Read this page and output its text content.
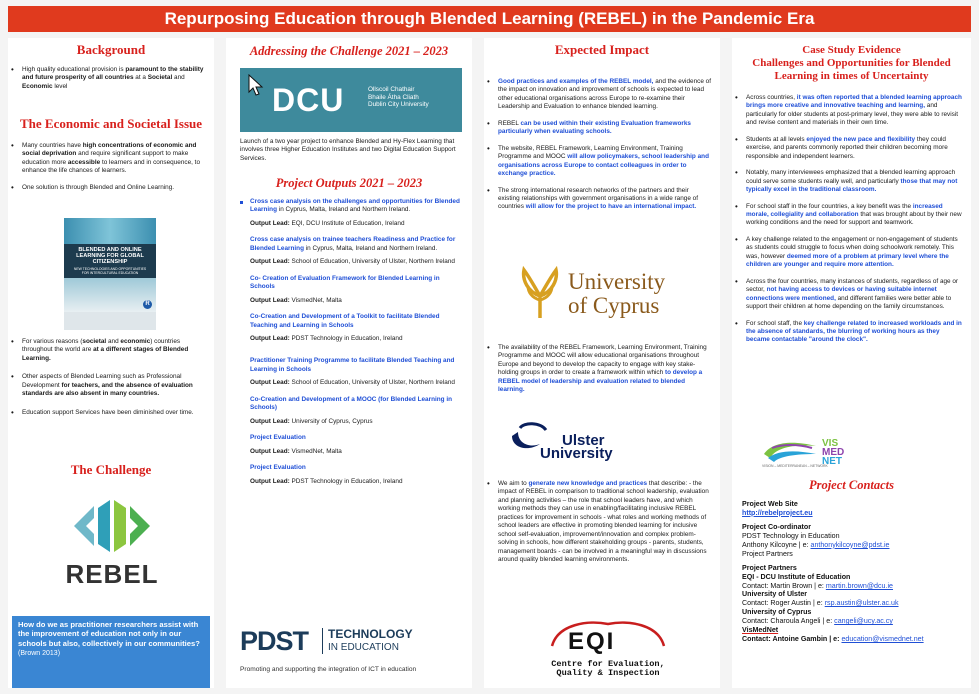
Repurposing Education through Blended Learning (REBEL) in the Pandemic Era

Background

• High quality educational provision is paramount to the stability and future prosperity of all countries at a Societal and Economic level

The Economic and Societal Issue

• Many countries have high concentrations of economic and social deprivation and require significant support to make education more accessible to learners and in consequence, to enhance the life chances of learners.

• One solution is through Blended and Online Learning.

BLENDED AND ONLINE
LEARNING FOR GLOBAL
CITIZENSHIP
NEW TECHNOLOGIES AND OPPORTUNITIES
FOR INTERCULTURAL EDUCATION
R

• For various reasons (societal and economic) countries throughout the world are at a different stages of Blended Learning.

• Other aspects of Blended Learning such as Professional Development for teachers, and the absence of evaluation standards are also absent in many countries.

• Education support Services have been diminished over time.

The Challenge

REBEL
How do we as practitioner researchers assist with the improvement of education not only in our schools but also, collectively in our communities?
(Brown 2013)

Addressing the Challenge 2021 – 2023

DCU	Ollscoil Chathair
Bhaile Átha Cliath
Dublin City University
Launch of a two year project to enhance Blended and Hy-Flex Learning that involves three Higher Education Institutes and two Digital Education Support Services.

Project Outputs 2021 – 2023

Cross case analysis on the challenges and opportunities for Blended Learning in Cyprus, Malta, Ireland and Northern Ireland.

Output Lead: EQI, DCU Institute of Education, Ireland

Cross case analysis on trainee teachers Readiness and Practice for Blended Learning in Cyprus, Malta, Ireland and Northern Ireland.

Output Lead: School of Education, University of Ulster, Northern Ireland

Co- Creation of Evaluation Framework for Blended Learning in Schools

Output Lead: VismedNet, Malta

Co-Creation and Development of a Toolkit to facilitate Blended Teaching and Learning in Schools

Output Lead: PDST Technology in Education, Ireland

Practitioner Training Programme to facilitate Blended Teaching and Learning in Schools

Output Lead: School of Education, University of Ulster, Northern Ireland

Co-Creation and Development of a MOOC (for Blended Learning in Schools)

Output Lead: University of Cyprus, Cyprus

Project Evaluation

Output Lead: VismedNet, Malta

Project Evaluation

Output Lead: PDST Technology in Education, Ireland

PDST TECHNOLOGY
IN EDUCATION
Promoting and supporting the integration of ICT in education

Expected Impact

• Good practices and examples of the REBEL model, and the evidence of the impact on innovation and improvement of schools is expected to lead other educational organisations across Europe to re-examine their Leadership and Evaluation to enhance blended learning.

• REBEL can be used within their existing Evaluation frameworks particularly when evaluating schools.

• The website, REBEL Framework, Learning Environment, Training Programme and MOOC will allow policymakers, school leadership and organisations across Europe to contact colleagues in order to exchange practice.

• The strong international research networks of the partners and their existing relationships with government organisations in a wide range of countries will allow for the project to have an international impact.

University
of Cyprus

• The availability of the REBEL Framework, Learning Environment, Training Programme and MOOC will allow educational organisations throughout Europe and beyond to develop the capacity to engage with key stake-holding groups in order to create a framework within which to develop a REBEL model of leadership and evaluation related to blended learning.

Ulster
University

• We aim to generate new knowledge and practices that describe: - the impact of REBEL in comparison to traditional school leadership, evaluation and planning activities – the role that school leaders have, and which working methods they can use in enabling/facilitating inclusive REBEL practices for improvement in schools - what roles and working methods of school leaders are effective in promoting blended learning for inclusive school self-evaluation, improvement/innovation and complex problem-solving in schools, how different stakeholding groups - parents, students, management boards - can be involved in a meaningful way in discussions around quality blended learning environments.

EQI
Centre for Evaluation,
Quality & Inspection

Case Study Evidence

Challenges and Opportunities for Blended Learning in times of Uncertainty

• Across countries, it was often reported that a blended learning approach brings more creative and innovative teaching and learning, and particularly for older students at post-primary level, they were able to revisit and revise content and materials in their own time.

• Students at all levels enjoyed the new pace and flexibility they could exercise, and parents commonly reported their children becoming more responsible and independent learners.

• Notably, many interviewees emphasized that a blended learning approach could serve some students really well, and particularly those that may not typically excel in the traditional classroom.

• For school staff in the four countries, a key benefit was the increased morale, collegiality and collaboration that was brought about by their new working conditions and the need for support and teamwork.

• A key challenge related to the engagement or non-engagement of students as students could struggle to focus when doing schoolwork remotely. This was, however deemed more of a problem at primary level where the children are younger and require more attention.

• Across the four countries, many instances of students, regardless of age or sector, not having access to devices or having suitable internet connections were mentioned, and different families were better able to support their children at home depending on the family circumstances.

• For school staff, the key challenge related to increased workloads and in the absence of standards, the blurring of working hours as they became contactable "around the clock".

VIS
MED
NET
VISION – MEDITERRANEAN – NETWORK

Project Contacts

Project Web Site

http://rebelproject.eu

Project Co-ordinator

PDST Technology in Education

Anthony Kilcoyne | e: anthonykilcoyne@pdst.ie

Project Partners

Project Partners

EQI - DCU Institute of Education

Contact: Martin Brown | e: martin.brown@dcu.ie

University of Ulster

Contact: Roger Austin | e: rsp.austin@ulster.ac.uk

University of Cyprus

Contact: Charoula Angeli | e: cangeli@ucy.ac.cy

VisMedNet

Contact: Antoine Gambin | e: education@vismednet.net
